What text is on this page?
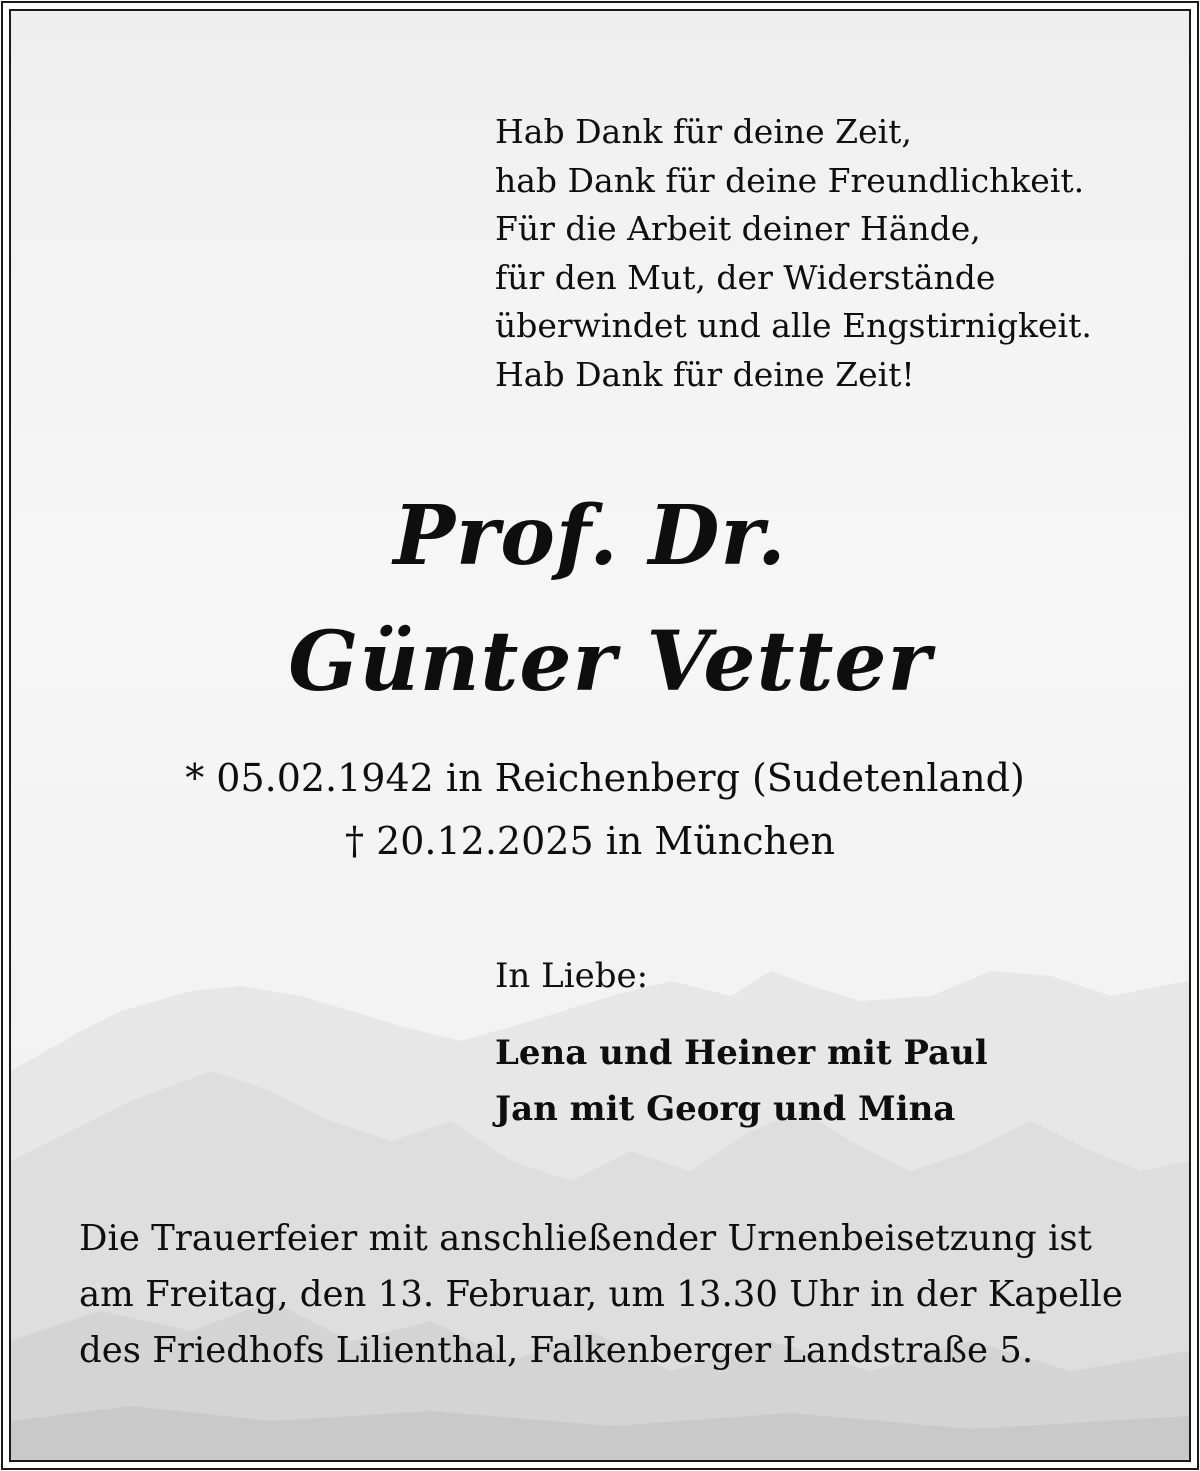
Hab Dank für deine Zeit,
hab Dank für deine Freundlichkeit.
Für die Arbeit deiner Hände,
für den Mut, der Widerstände
überwindet und alle Engstirnigkeit.
Hab Dank für deine Zeit!
Prof. Dr.
Günter Vetter
* 05.02.1942 in Reichenberg (Sudetenland)
† 20.12.2025 in München
In Liebe:
Lena und Heiner mit Paul
Jan mit Georg und Mina
Die Trauerfeier mit anschließender Urnenbeisetzung ist
am Freitag, den 13. Februar, um 13.30 Uhr in der Kapelle
des Friedhofs Lilienthal, Falkenberger Landstraße 5.
